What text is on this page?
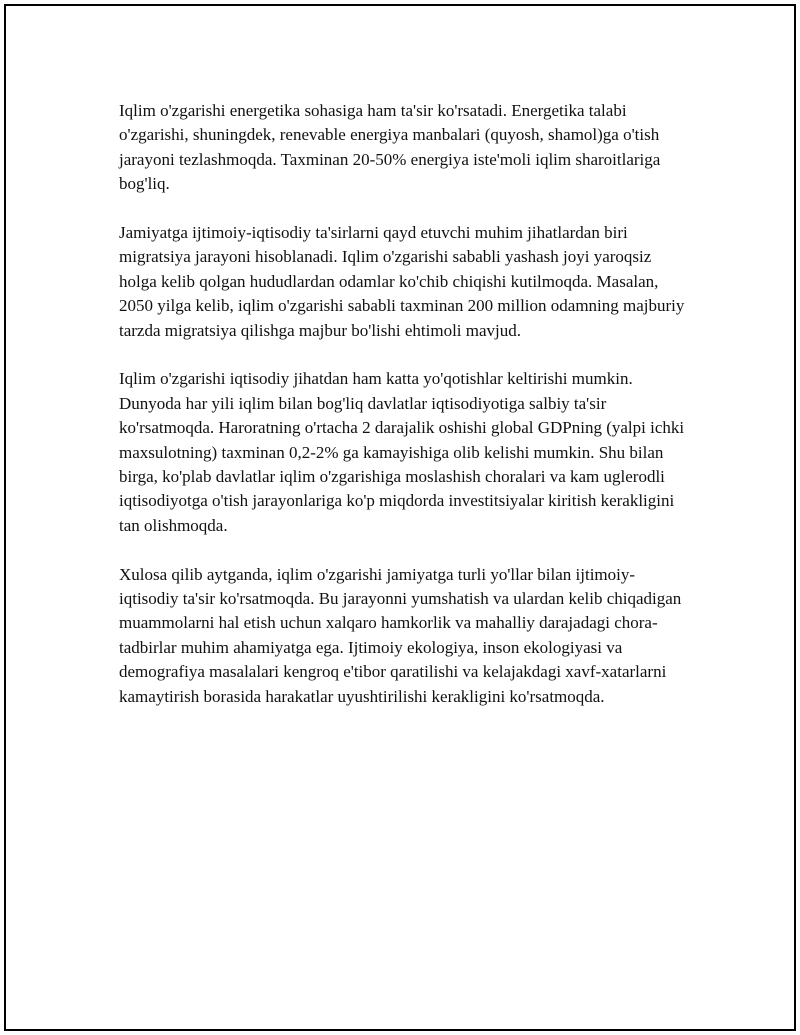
Iqlim o'zgarishi energetika sohasiga ham ta'sir ko'rsatadi. Energetika talabi o'zgarishi, shuningdek, renevable energiya manbalari (quyosh, shamol)ga o'tish jarayoni tezlashmoqda. Taxminan 20-50% energiya iste'moli iqlim sharoitlariga bog'liq.

Jamiyatga ijtimoiy-iqtisodiy ta'sirlarni qayd etuvchi muhim jihatlardan biri migratsiya jarayoni hisoblanadi. Iqlim o'zgarishi sababli yashash joyi yaroqsiz holga kelib qolgan hududlardan odamlar ko'chib chiqishi kutilmoqda. Masalan, 2050 yilga kelib, iqlim o'zgarishi sababli taxminan 200 million odamning majburiy tarzda migratsiya qilishga majbur bo'lishi ehtimoli mavjud.

Iqlim o'zgarishi iqtisodiy jihatdan ham katta yo'qotishlar keltirishi mumkin. Dunyoda har yili iqlim bilan bog'liq davlatlar iqtisodiyotiga salbiy ta'sir ko'rsatmoqda. Haroratning o'rtacha 2 darajalik oshishi global GDPning (yalpi ichki maxsulotning) taxminan 0,2-2% ga kamayishiga olib kelishi mumkin. Shu bilan birga, ko'plab davlatlar iqlim o'zgarishiga moslashish choralari va kam uglerodli iqtisodiyotga o'tish jarayonlariga ko'p miqdorda investitsiyalar kiritish kerakligini tan olishmoqda.

Xulosa qilib aytganda, iqlim o'zgarishi jamiyatga turli yo'llar bilan ijtimoiy-iqtisodiy ta'sir ko'rsatmoqda. Bu jarayonni yumshatish va ulardan kelib chiqadigan muammolarni hal etish uchun xalqaro hamkorlik va mahalliy darajadagi chora-tadbirlar muhim ahamiyatga ega. Ijtimoiy ekologiya, inson ekologiyasi va demografiya masalalari kengroq e'tibor qaratilishi va kelajakdagi xavf-xatarlarni kamaytirish borasida harakatlar uyushtirilishi kerakligini ko'rsatmoqda.
